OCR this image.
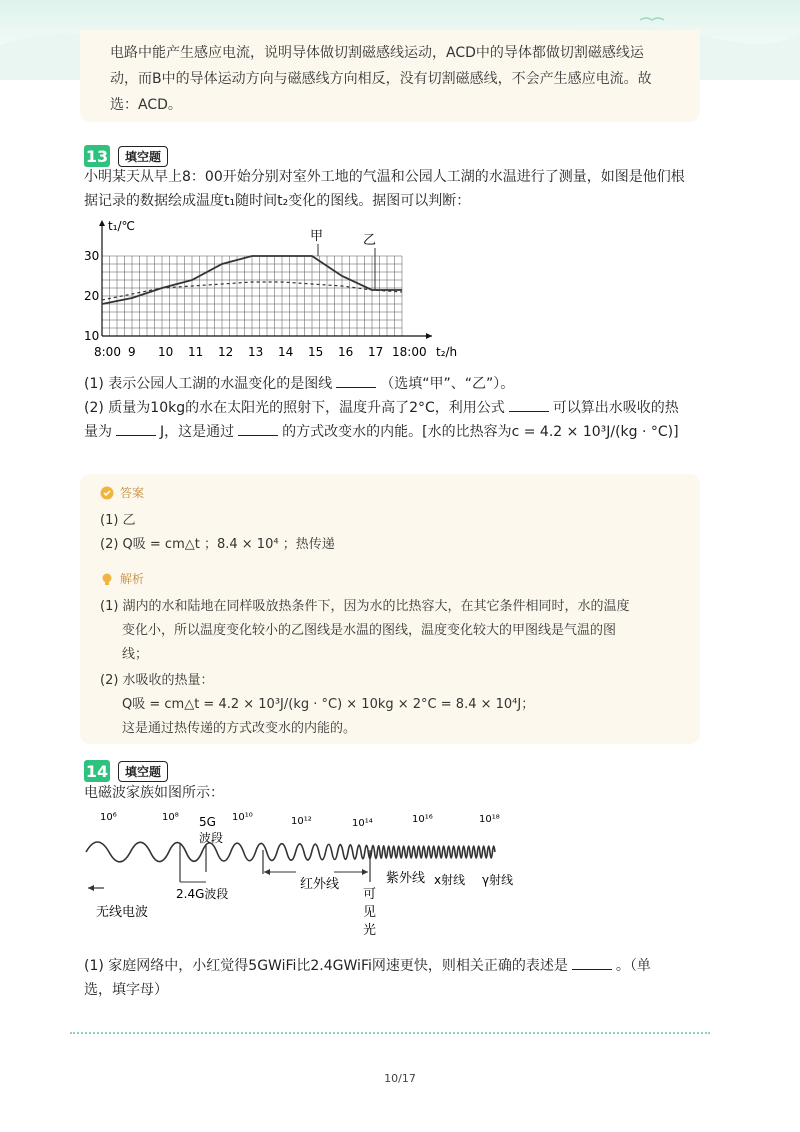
电路中能产生感应电流，说明导体做切割磁感线运动，ACD中的导体都做切割磁感线运
动，而B中的导体运动方向与磁感线方向相反，没有切割磁感线，不会产生感应电流。故
选：ACD。
13	填空题
小明某天从早上8：00开始分别对室外工地的气温和公园人工湖的水温进行了测量，如图是他们根
据记录的数据绘成温度t₁随时间t₂变化的图线。据图可以判断：
10
20
30
8:00 9 10 11 12 13 14 15 16 17 18:00
t₁/℃
t₂/h
甲	乙
(1) 表示公园人工湖的水温变化的是图线	（选填“甲”、“乙”）。
(2) 质量为10kg的水在太阳光的照射下，温度升高了2°C，利用公式	可以算出水吸收的热
量为	J，这是通过	的方式改变水的内能。[水的比热容为c = 4.2 × 10³J/(kg · °C)]
答案
(1) 乙
(2) Q吸 = cm△t ；8.4 × 10⁴ ；热传递
解析
(1) 湖内的水和陆地在同样吸放热条件下，因为水的比热容大，在其它条件相同时，水的温度
变化小，所以温度变化较小的乙图线是水温的图线，温度变化较大的甲图线是气温的图
线；
(2) 水吸收的热量：
Q吸 = cm△t = 4.2 × 10³J/(kg · °C) × 10kg × 2°C = 8.4 × 10⁴J；
这是通过热传递的方式改变水的内能的。
14	填空题
电磁波家族如图所示：
10⁶	10⁸	10¹⁰	10¹²	10¹⁴	10¹⁶	10¹⁸
5G
波段
2.4G波段
无线电波
红外线
可
见
光
紫外线 x射线 γ射线
(1) 家庭网络中，小红觉得5GWiFi比2.4GWiFi网速更快，则相关正确的表述是	。（单
选，填字母）
10/17
